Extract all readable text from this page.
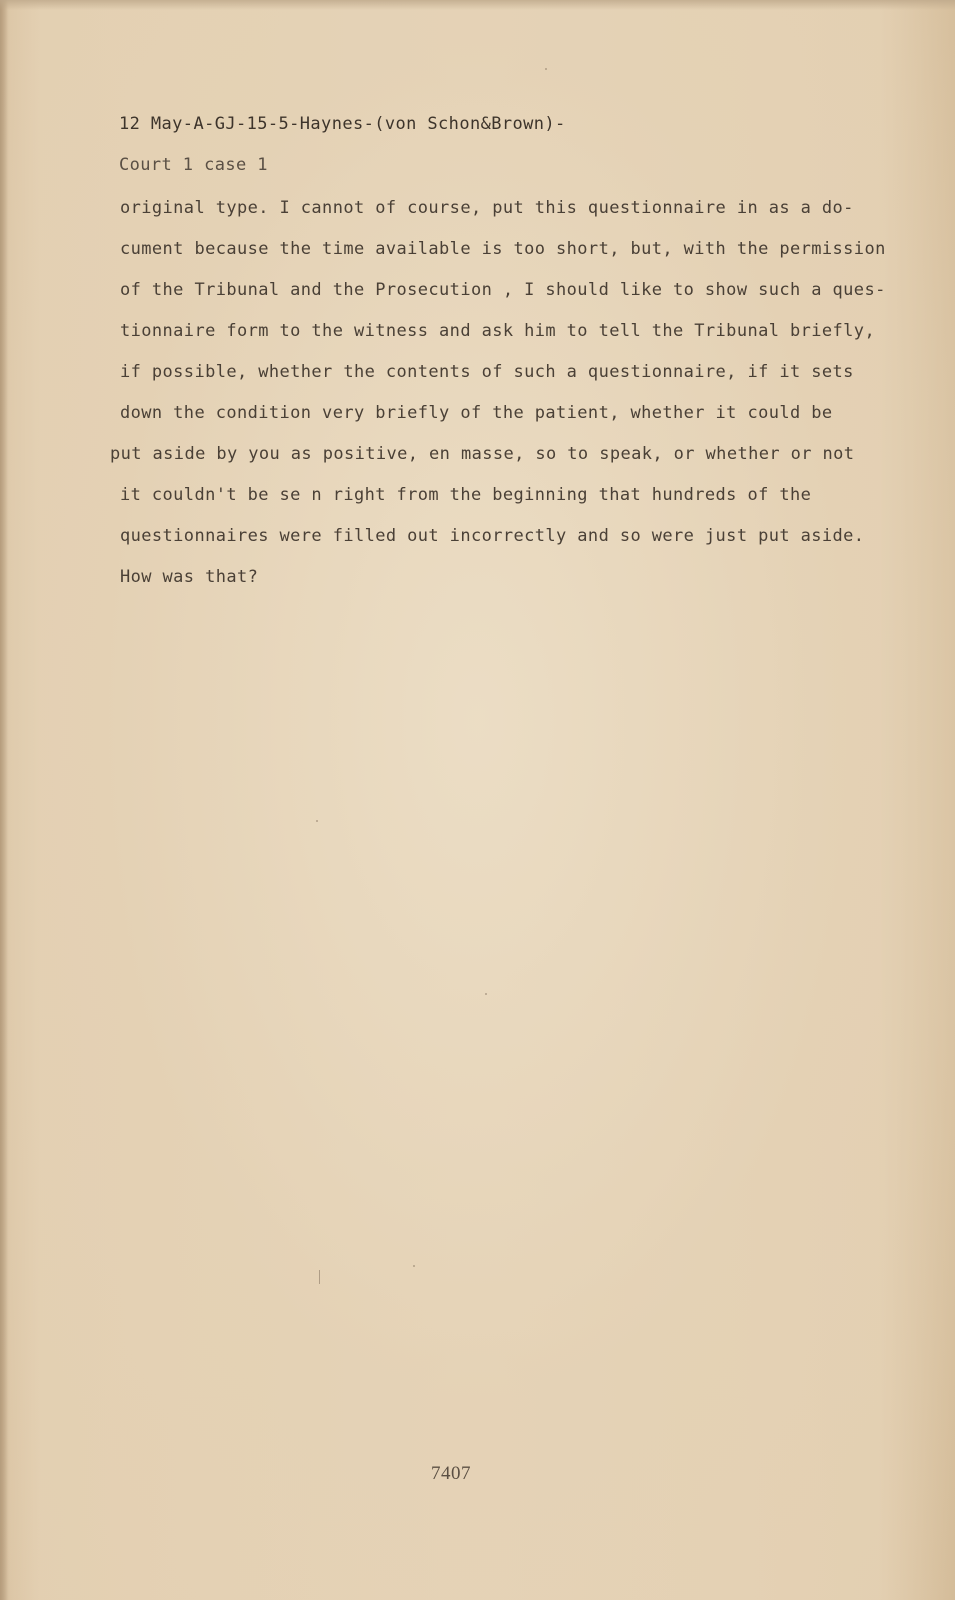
12 May-A-GJ-15-5-Haynes-(von Schon&Brown)-
Court 1 case 1
original type. I cannot of course, put this questionnaire in as a do-
cument because the time available is too short, but, with the permission
of the Tribunal and the Prosecution , I should like to show such a ques-
tionnaire form to the witness and ask him to tell the Tribunal briefly,
if possible, whether the contents of such a questionnaire, if it sets
down the condition very briefly of the patient, whether it could be
put aside by you as positive, en masse, so to speak, or whether or not
it couldn't be se n right from the beginning that hundreds of the
questionnaires were filled out incorrectly and so were just put aside.
How was that?
7407
